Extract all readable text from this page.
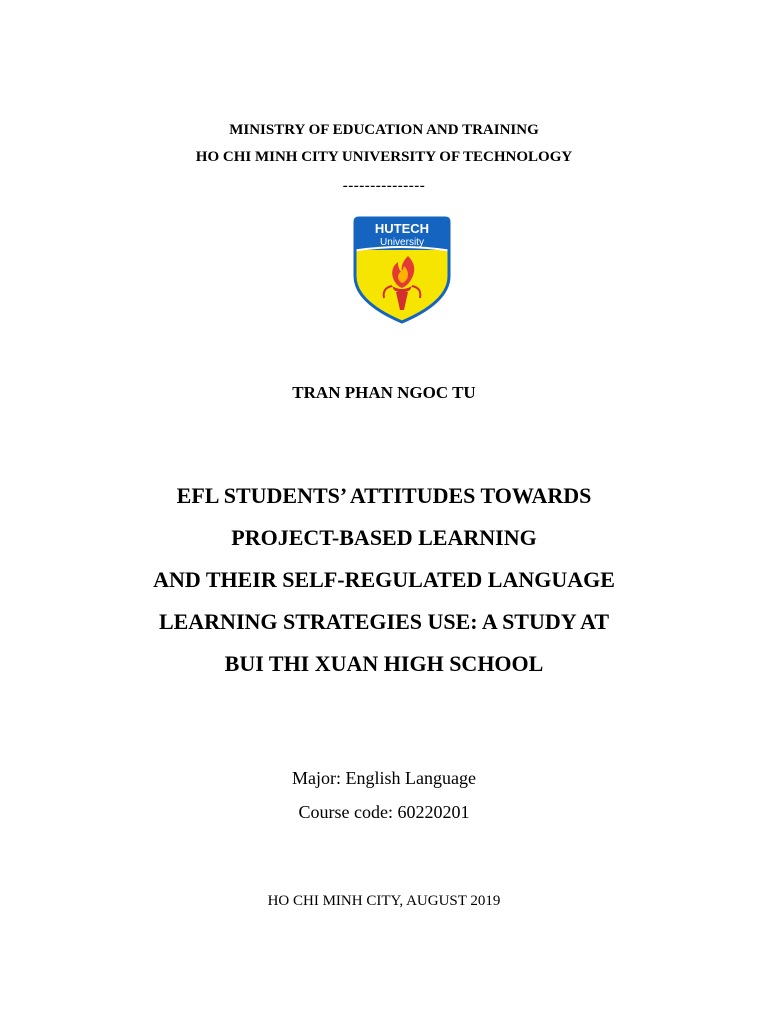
MINISTRY OF EDUCATION AND TRAINING

HO CHI MINH CITY UNIVERSITY OF TECHNOLOGY

---------------

HUTECH
University

TRAN PHAN NGOC TU

EFL STUDENTS’ ATTITUDES TOWARDS

PROJECT-BASED LEARNING

AND THEIR SELF-REGULATED LANGUAGE

LEARNING STRATEGIES USE: A STUDY AT

BUI THI XUAN HIGH SCHOOL

Major: English Language

Course code: 60220201

HO CHI MINH CITY, AUGUST 2019
